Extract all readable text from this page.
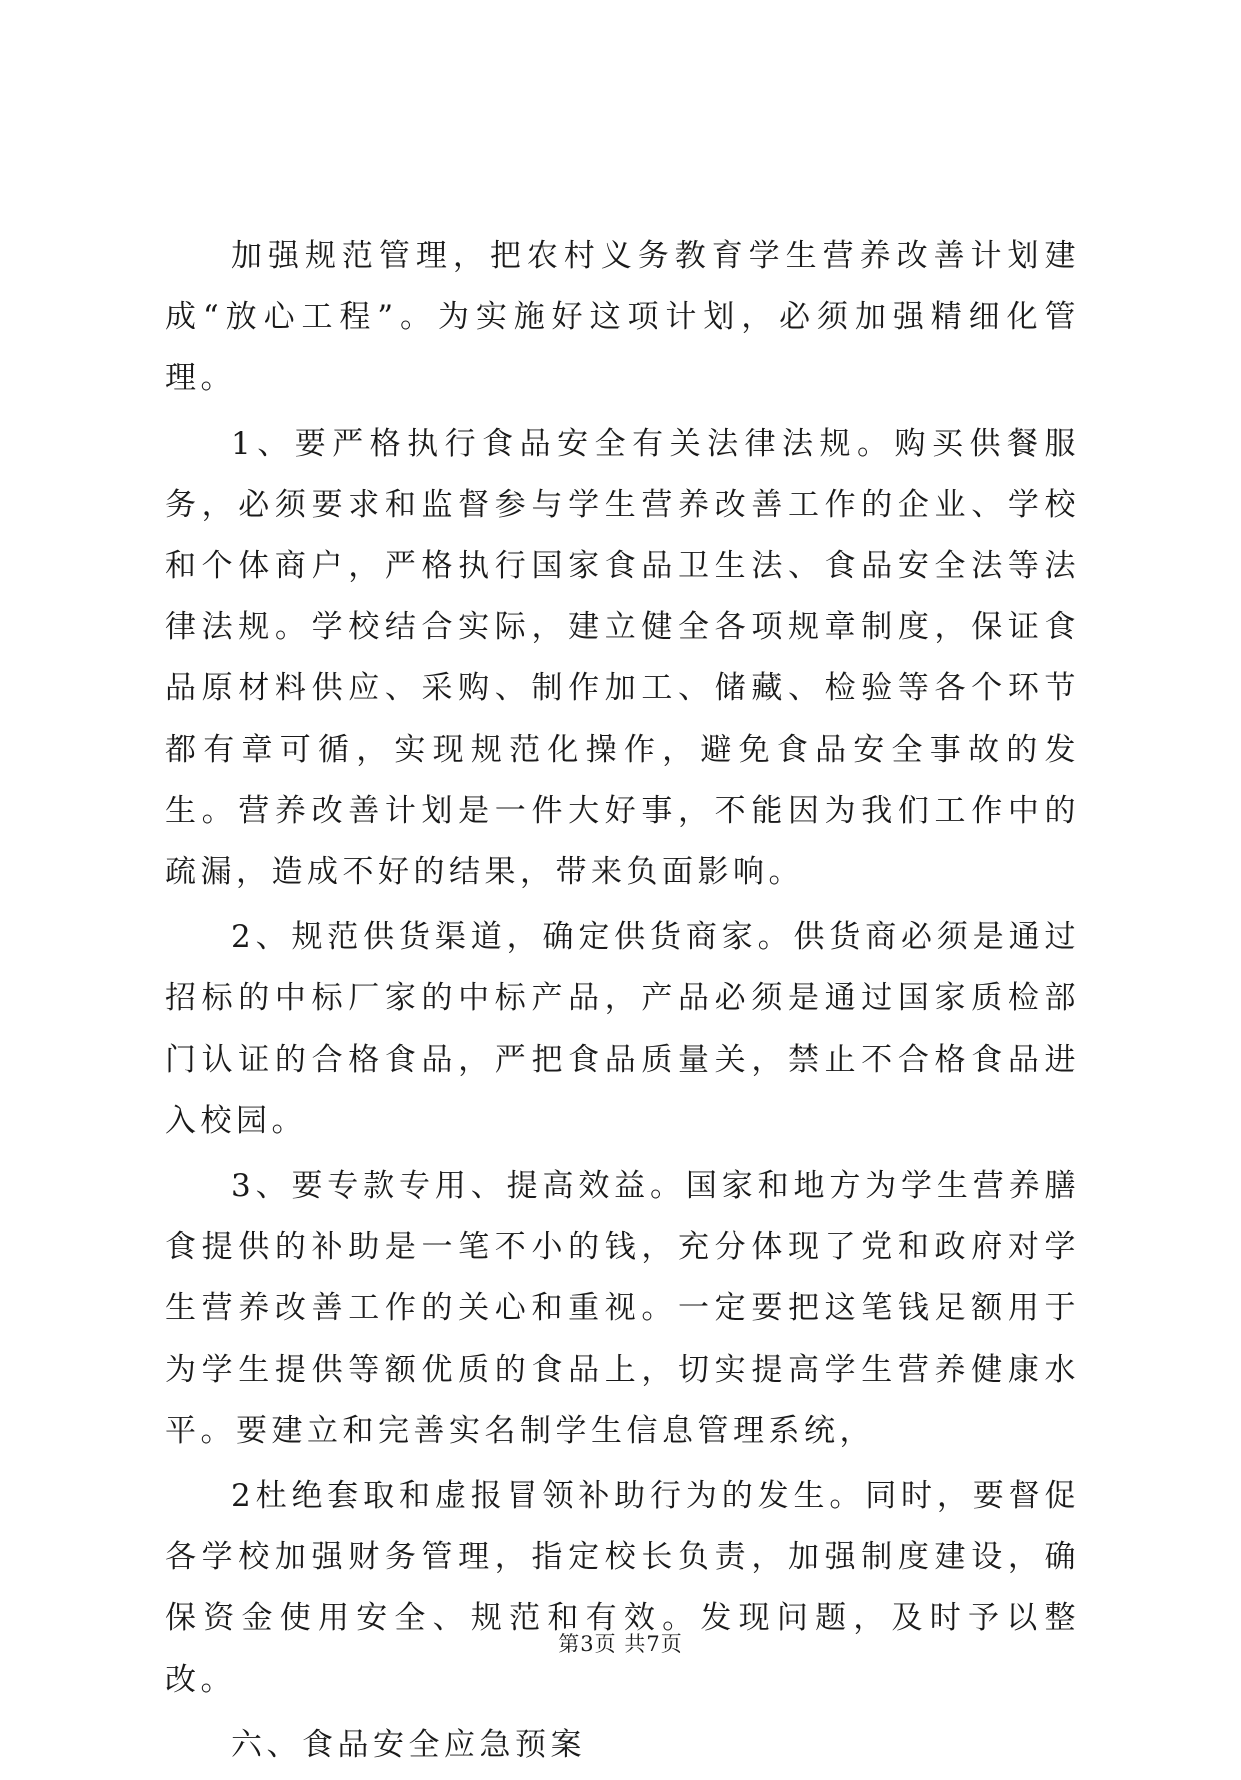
加强规范管理，把农村义务教育学生营养改善计划建成“放心工程”。为实施好这项计划，必须加强精细化管理。

1、要严格执行食品安全有关法律法规。购买供餐服务，必须要求和监督参与学生营养改善工作的企业、学校和个体商户，严格执行国家食品卫生法、食品安全法等法律法规。学校结合实际，建立健全各项规章制度，保证食品原材料供应、采购、制作加工、储藏、检验等各个环节都有章可循，实现规范化操作，避免食品安全事故的发生。营养改善计划是一件大好事，不能因为我们工作中的疏漏，造成不好的结果，带来负面影响。

2、规范供货渠道，确定供货商家。供货商必须是通过招标的中标厂家的中标产品，产品必须是通过国家质检部门认证的合格食品，严把食品质量关，禁止不合格食品进入校园。

3、要专款专用、提高效益。国家和地方为学生营养膳食提供的补助是一笔不小的钱，充分体现了党和政府对学生营养改善工作的关心和重视。一定要把这笔钱足额用于为学生提供等额优质的食品上，切实提高学生营养健康水平。要建立和完善实名制学生信息管理系统，

2杜绝套取和虚报冒领补助行为的发生。同时，要督促各学校加强财务管理，指定校长负责，加强制度建设，确保资金使用安全、规范和有效。发现问题，及时予以整改。

六、食品安全应急预案

第3页 共7页
